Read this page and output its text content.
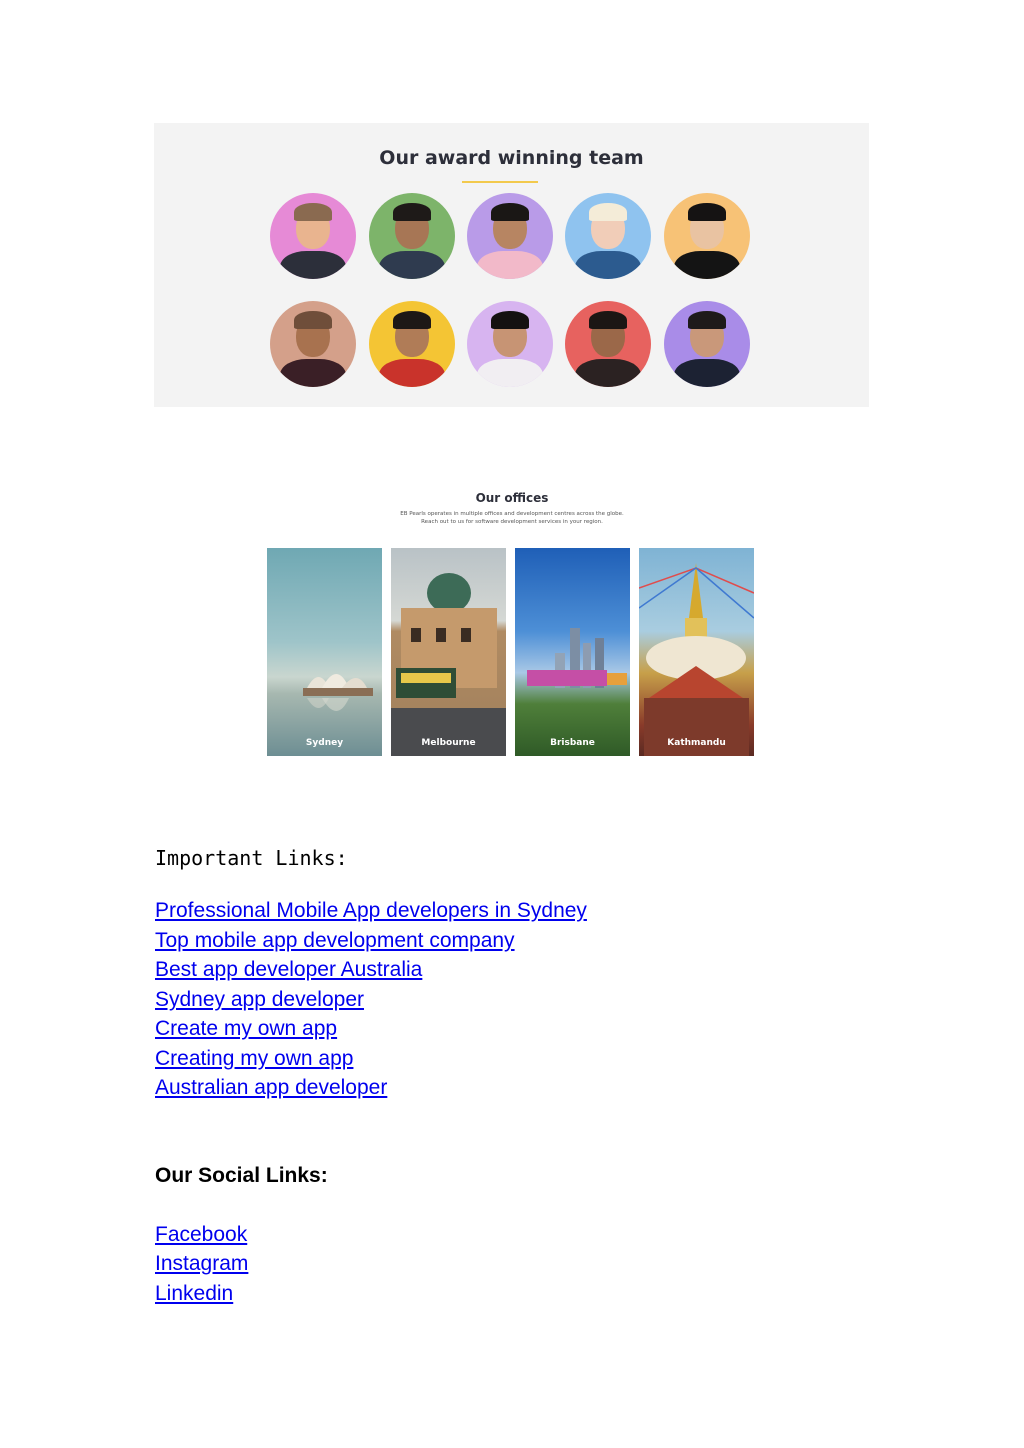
Our award winning team
Our offices
EB Pearls operates in multiple offices and development centres across the globe.
Reach out to us for software development services in your region.
Sydney	Melbourne	Brisbane	Kathmandu
Important Links:
Professional Mobile App developers in Sydney
Top mobile app development company
Best app developer Australia
Sydney app developer
Create my own app
Creating my own app
Australian app developer
Our Social Links:
Facebook
Instagram
Linkedin
